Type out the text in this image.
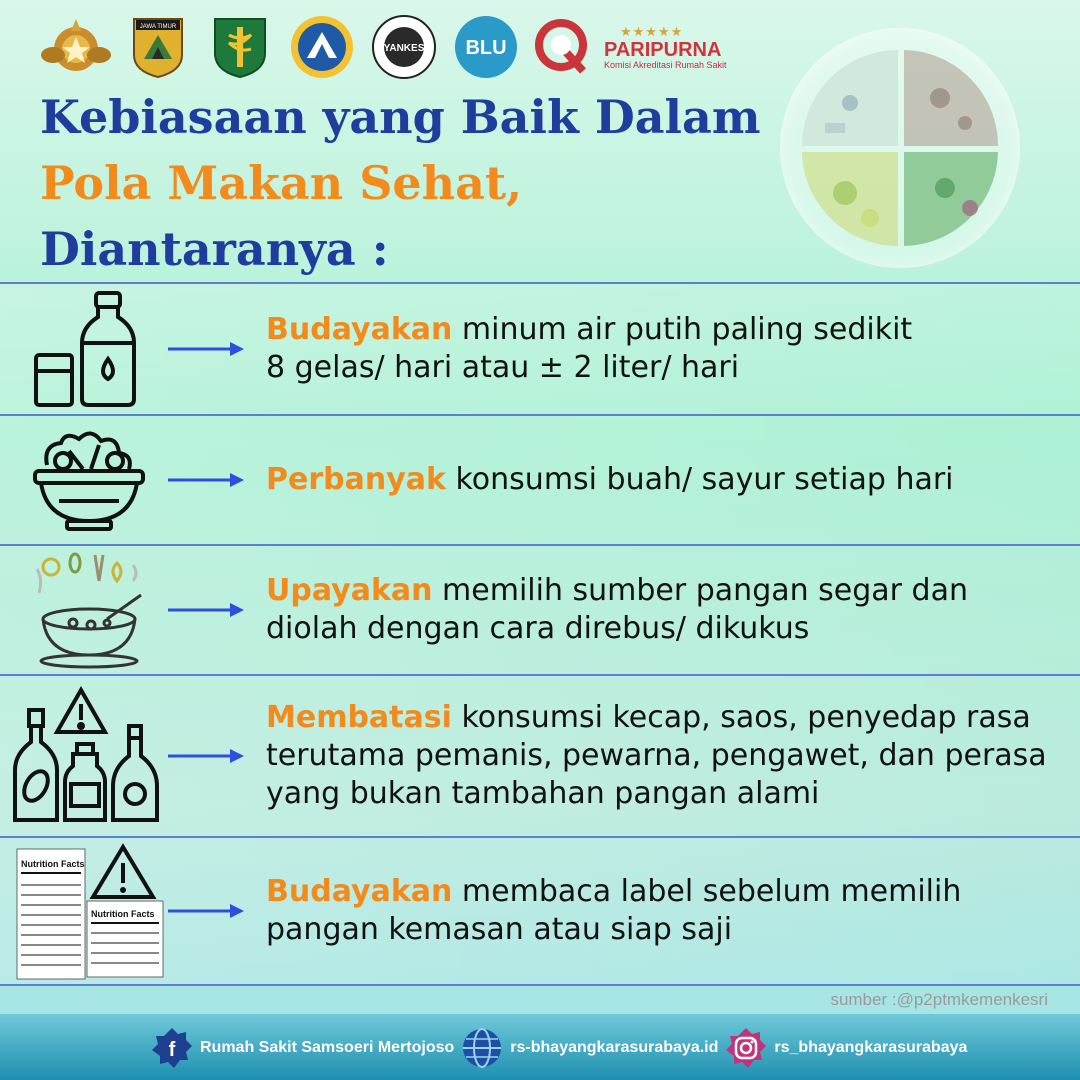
JAWA TIMUR
YANKES BLU
★★★★★
PARIPURNA
Komisi Akreditasi Rumah Sakit
Kebiasaan yang Baik Dalam
Pola Makan Sehat,
Diantaranya :
Budayakan minum air putih paling sedikit
8 gelas/ hari atau ± 2 liter/ hari
Perbanyak konsumsi buah/ sayur setiap hari
Upayakan memilih sumber pangan segar dan
diolah dengan cara direbus/ dikukus
Membatasi konsumsi kecap, saos, penyedap rasa
terutama pemanis, pewarna, pengawet, dan perasa
yang bukan tambahan pangan alami
Nutrition Facts
Nutrition Facts
Budayakan membaca label sebelum memilih
pangan kemasan atau siap saji
sumber :@p2ptmkemenkesri
f Rumah Sakit Samsoeri Mertojoso	rs-bhayangkarasurabaya.id	rs_bhayangkarasurabaya
